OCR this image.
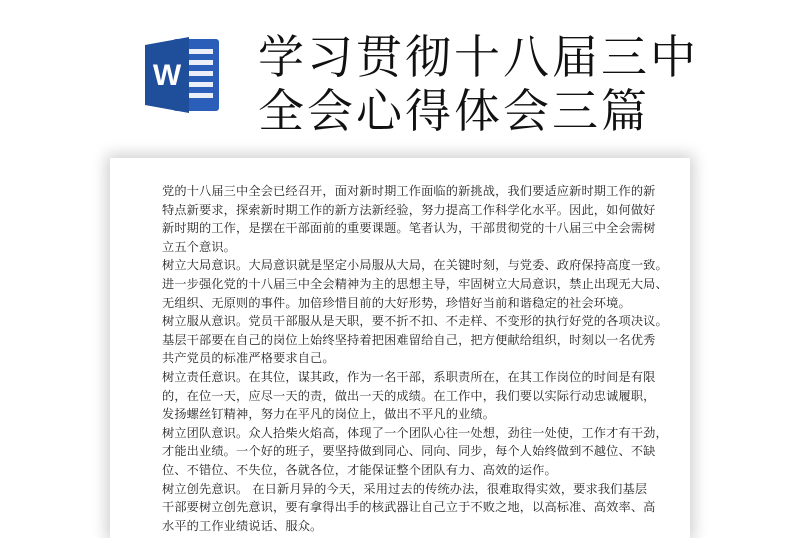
W 学习贯彻十八届三中
全会心得体会三篇
党的十八届三中全会已经召开，面对新时期工作面临的新挑战，我们要适应新时期工作的新
特点新要求，探索新时期工作的新方法新经验，努力提高工作科学化水平。因此，如何做好
新时期的工作，是摆在干部面前的重要课题。笔者认为，干部贯彻党的十八届三中全会需树
立五个意识。
树立大局意识。大局意识就是坚定小局服从大局，在关键时刻，与党委、政府保持高度一致。
进一步强化党的十八届三中全会精神为主的思想主导，牢固树立大局意识，禁止出现无大局、
无组织、无原则的事件。加倍珍惜目前的大好形势，珍惜好当前和谐稳定的社会环境。
树立服从意识。党员干部服从是天职，要不折不扣、不走样、不变形的执行好党的各项决议。
基层干部要在自己的岗位上始终坚持着把困难留给自己，把方便献给组织，时刻以一名优秀
共产党员的标准严格要求自己。
树立责任意识。在其位，谋其政，作为一名干部，系职责所在，在其工作岗位的时间是有限
的，在位一天，应尽一天的责，做出一天的成绩。在工作中，我们要以实际行动忠诚履职，
发扬螺丝钉精神，努力在平凡的岗位上，做出不平凡的业绩。
树立团队意识。众人拾柴火焰高，体现了一个团队心往一处想，劲往一处使，工作才有干劲，
才能出业绩。一个好的班子，要坚持做到同心、同向、同步，每个人始终做到不越位、不缺
位、不错位、不失位，各就各位，才能保证整个团队有力、高效的运作。
树立创先意识。 在日新月异的今天，采用过去的传统办法，很难取得实效，要求我们基层
干部要树立创先意识，要有拿得出手的核武器让自己立于不败之地，以高标准、高效率、高
水平的工作业绩说话、服众。
